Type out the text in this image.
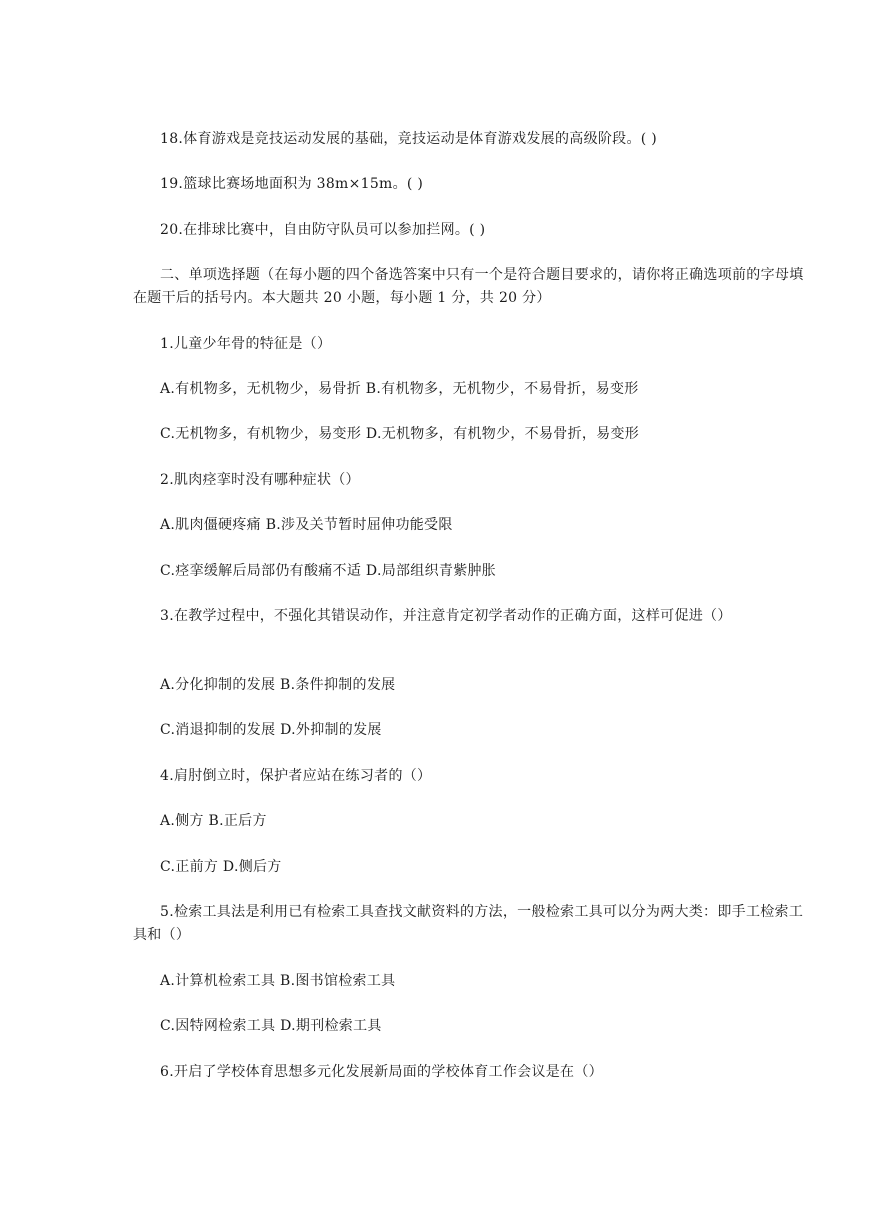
18.体育游戏是竞技运动发展的基础，竞技运动是体育游戏发展的高级阶段。( )
19.篮球比赛场地面积为 38m×15m。( )
20.在排球比赛中，自由防守队员可以参加拦网。( )
二、单项选择题（在每小题的四个备选答案中只有一个是符合题目要求的，请你将正确选项前的字母填在题干后的括号内。本大题共 20 小题，每小题 1 分，共 20 分）
1.儿童少年骨的特征是（）
A.有机物多，无机物少，易骨折 B.有机物多，无机物少，不易骨折，易变形
C.无机物多，有机物少，易变形 D.无机物多，有机物少，不易骨折，易变形
2.肌肉痉挛时没有哪种症状（）
A.肌肉僵硬疼痛 B.涉及关节暂时屈伸功能受限
C.痉挛缓解后局部仍有酸痛不适 D.局部组织青紫肿胀
3.在教学过程中，不强化其错误动作，并注意肯定初学者动作的正确方面，这样可促进（）
A.分化抑制的发展 B.条件抑制的发展
C.消退抑制的发展 D.外抑制的发展
4.肩肘倒立时，保护者应站在练习者的（）
A.侧方 B.正后方
C.正前方 D.侧后方
5.检索工具法是利用已有检索工具查找文献资料的方法，一般检索工具可以分为两大类：即手工检索工具和（）
A.计算机检索工具 B.图书馆检索工具
C.因特网检索工具 D.期刊检索工具
6.开启了学校体育思想多元化发展新局面的学校体育工作会议是在（）
